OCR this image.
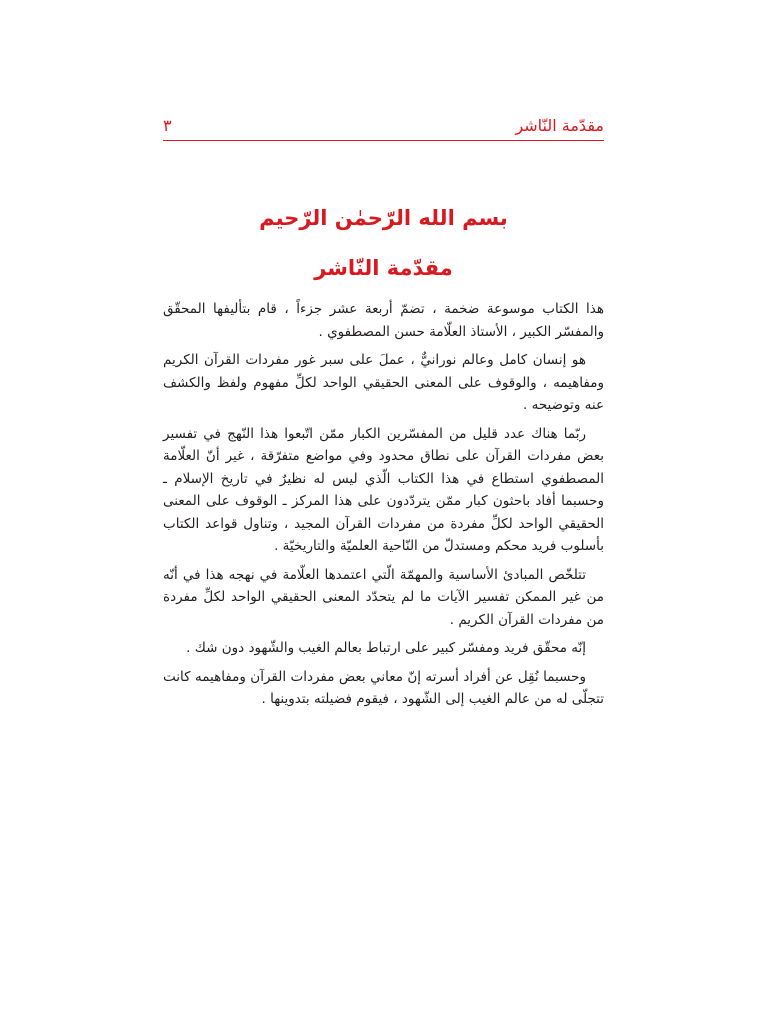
مقدّمة النّاشر
٣
بسم الله الرّحمٰن الرّحيم
مقدّمة النّاشر

هذا الكتاب موسوعة ضخمة ، تضمّ أربعة عشر جزءاً ، قام بتأليفها المحقّق والمفسّر الكبير ، الأستاذ العلّامة حسن المصطفوي .

هو إنسان كامل وعالم نورانيٌّ ، عملَ على سبر غور مفردات القرآن الكريم ومفاهيمه ، والوقوف على المعنى الحقيقي الواحد لكلِّ مفهوم ولفظ والكشف عنه وتوضيحه .

ربّما هناك عدد قليل من المفسّرين الكبار ممّن اتّبعوا هذا النّهج في تفسير بعض مفردات القرآن على نطاق محدود وفي مواضع متفرّقة ، غير أنّ العلّامة المصطفوي استطاع في هذا الكتاب الّذي ليس له نظيرٌ في تاريخ الإسلام ـ وحسبما أفاد باحثون كبار ممّن يتردّدون على هذا المركز ـ الوقوف على المعنى الحقيقي الواحد لكلِّ مفردة من مفردات القرآن المجيد ، وتناول قواعد الكتاب بأسلوب فريد محكم ومستدلّ من النّاحية العلميّة والتاريخيّة .

تتلخّص المبادئ الأساسية والمهمّة الّتي اعتمدها العلّامة في نهجه هذا في أنّه من غير الممكن تفسير الآيات ما لم يتحدّد المعنى الحقيقي الواحد لكلِّ مفردة من مفردات القرآن الكريم .

إنّه محقّق فريد ومفسّر كبير على ارتباط بعالم الغيب والشّهود دون شك .

وحسبما نُقِل عن أفراد أسرته إنّ معاني بعض مفردات القرآن ومفاهيمه كانت تتجلّى له من عالم الغيب إلى الشّهود ، فيقوم فضيلته بتدوينها .
